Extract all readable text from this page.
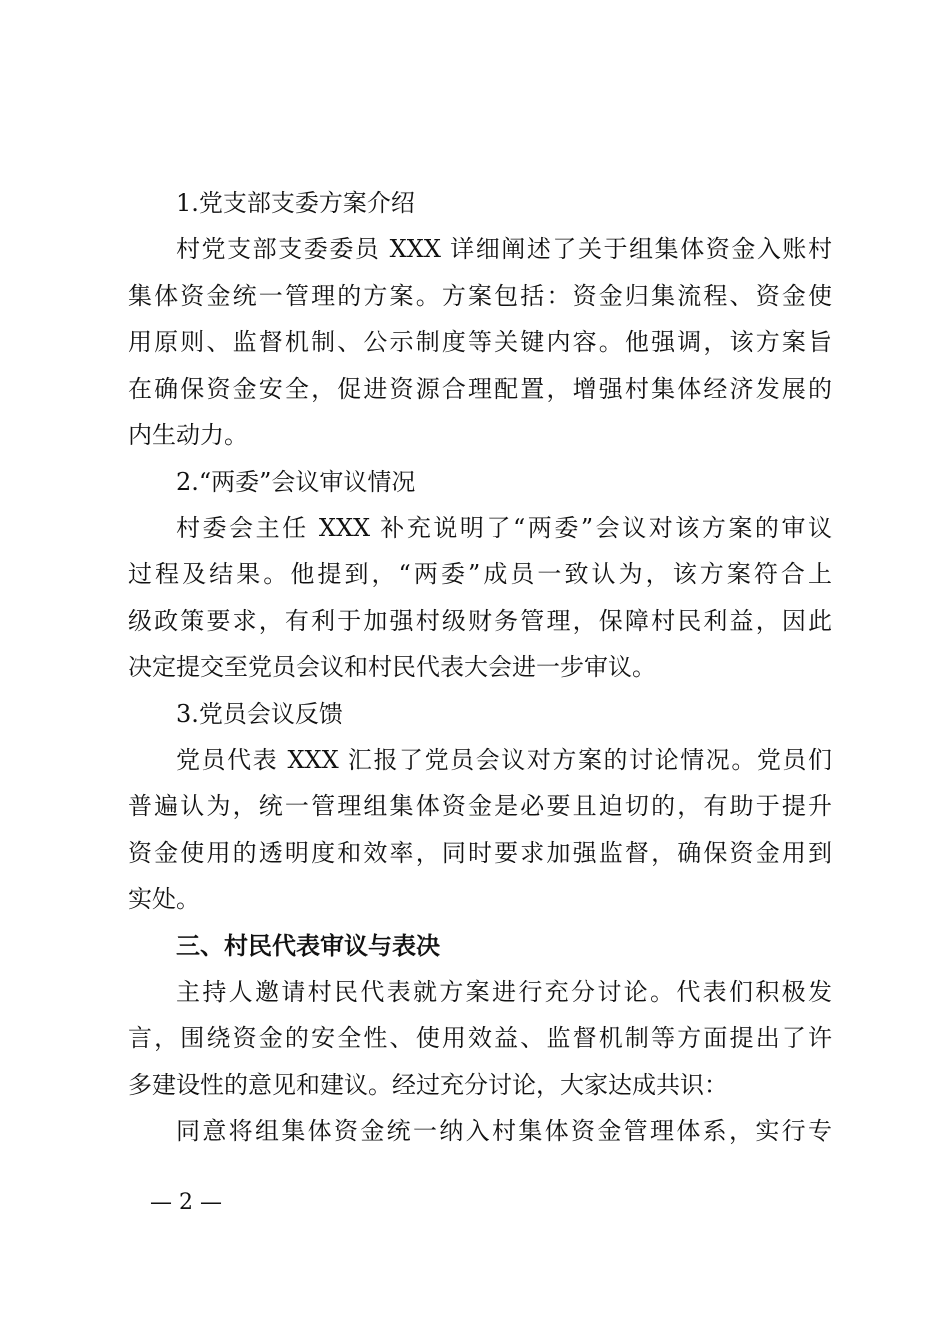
1.党支部支委方案介绍

村党支部支委委员 XXX 详细阐述了关于组集体资金入账村
集体资金统一管理的方案。方案包括：资金归集流程、资金使
用原则、监督机制、公示制度等关键内容。他强调，该方案旨
在确保资金安全，促进资源合理配置，增强村集体经济发展的
内生动力。

2.“两委”会议审议情况

村委会主任 XXX 补充说明了“两委”会议对该方案的审议
过程及结果。他提到，“两委”成员一致认为，该方案符合上
级政策要求，有利于加强村级财务管理，保障村民利益，因此
决定提交至党员会议和村民代表大会进一步审议。

3.党员会议反馈

党员代表 XXX 汇报了党员会议对方案的讨论情况。党员们
普遍认为，统一管理组集体资金是必要且迫切的，有助于提升
资金使用的透明度和效率，同时要求加强监督，确保资金用到
实处。

三、村民代表审议与表决

主持人邀请村民代表就方案进行充分讨论。代表们积极发
言，围绕资金的安全性、使用效益、监督机制等方面提出了许
多建设性的意见和建议。经过充分讨论，大家达成共识：

同意将组集体资金统一纳入村集体资金管理体系，实行专

— 2 —
